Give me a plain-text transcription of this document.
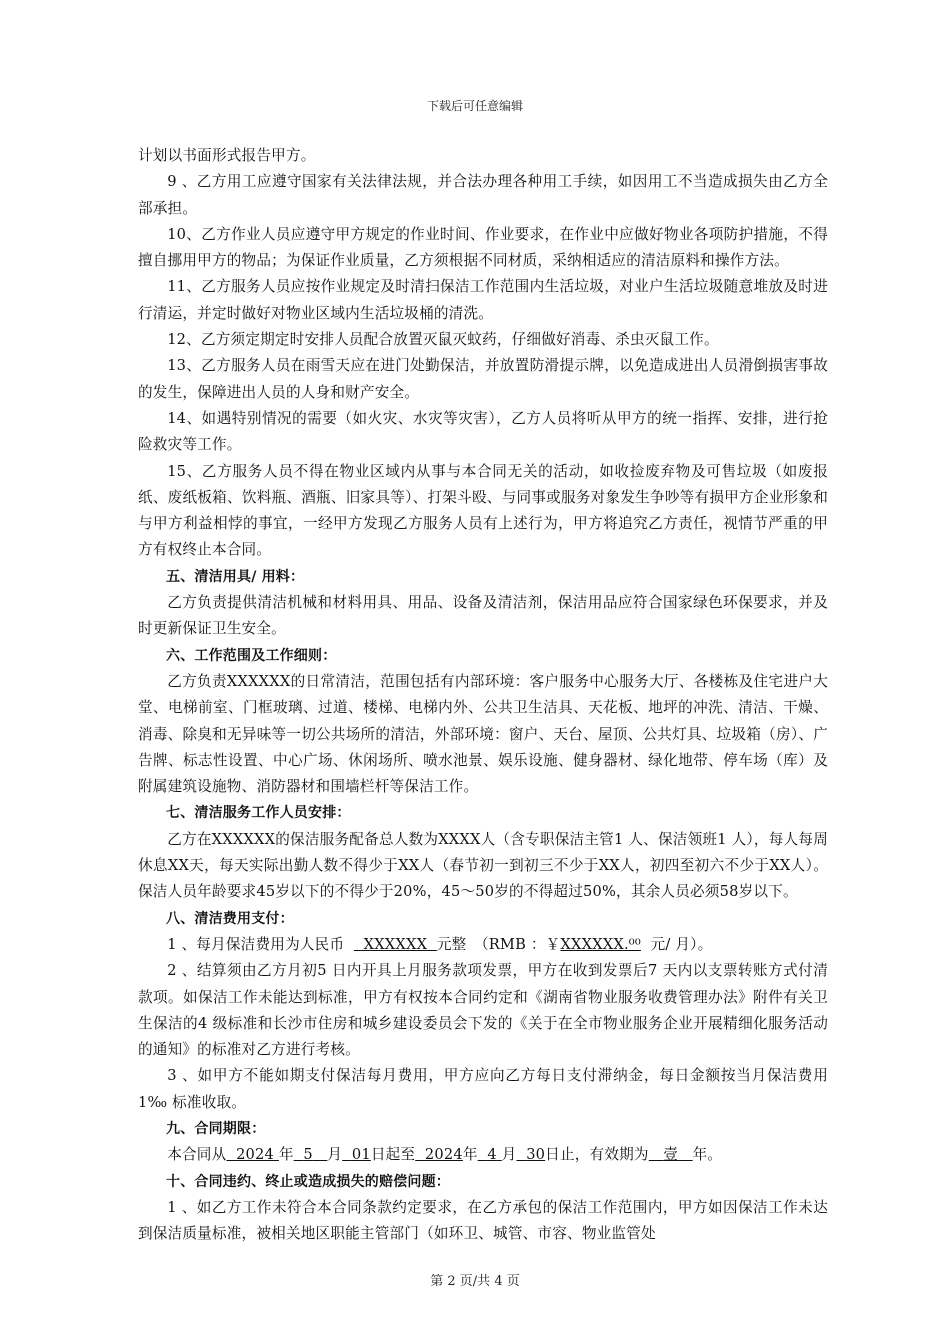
下载后可任意编辑

计划以书面形式报告甲方。

9 、乙方用工应遵守国家有关法律法规，并合法办理各种用工手续，如因用工不当造成损失由乙方全部承担。

10、乙方作业人员应遵守甲方规定的作业时间、作业要求，在作业中应做好物业各项防护措施，不得擅自挪用甲方的物品；为保证作业质量，乙方须根据不同材质，采纳相适应的清洁原料和操作方法。

11、乙方服务人员应按作业规定及时清扫保洁工作范围内生活垃圾，对业户生活垃圾随意堆放及时进行清运，并定时做好对物业区域内生活垃圾桶的清洗。

12、乙方须定期定时安排人员配合放置灭鼠灭蚊药，仔细做好消毒、杀虫灭鼠工作。

13、乙方服务人员在雨雪天应在进门处勤保洁，并放置防滑提示牌，以免造成进出人员滑倒损害事故的发生，保障进出人员的人身和财产安全。

14、如遇特别情况的需要（如火灾、水灾等灾害），乙方人员将听从甲方的统一指挥、安排，进行抢险救灾等工作。

15、乙方服务人员不得在物业区域内从事与本合同无关的活动，如收捡废弃物及可售垃圾（如废报纸、废纸板箱、饮料瓶、酒瓶、旧家具等）、打架斗殴、与同事或服务对象发生争吵等有损甲方企业形象和与甲方利益相悖的事宜，一经甲方发现乙方服务人员有上述行为，甲方将追究乙方责任，视情节严重的甲方有权终止本合同。

五、清洁用具/ 用料：

乙方负责提供清洁机械和材料用具、用品、设备及清洁剂，保洁用品应符合国家绿色环保要求，并及时更新保证卫生安全。

六、工作范围及工作细则：

乙方负责XXXXXX的日常清洁，范围包括有内部环境：客户服务中心服务大厅、各楼栋及住宅进户大堂、电梯前室、门框玻璃、过道、楼梯、电梯内外、公共卫生洁具、天花板、地坪的冲洗、清洁、干燥、消毒、除臭和无异味等一切公共场所的清洁，外部环境：窗户、天台、屋顶、公共灯具、垃圾箱（房）、广告牌、标志性设置、中心广场、休闲场所、喷水池景、娱乐设施、健身器材、绿化地带、停车场（库）及附属建筑设施物、消防器材和围墙栏杆等保洁工作。

七、清洁服务工作人员安排：

乙方在XXXXXX的保洁服务配备总人数为XXXX人（含专职保洁主管1 人、保洁领班1 人），每人每周休息XX天，每天实际出勤人数不得少于XX人（春节初一到初三不少于XX人，初四至初六不少于XX人）。保洁人员年龄要求45岁以下的不得少于20%，45～50岁的不得超过50%，其余人员必须58岁以下。

八、清洁费用支付：

1 、每月保洁费用为人民币 XXXXXX 元整　（RMB ：￥XXXXXX.⁰⁰ 元/ 月）。

2 、结算须由乙方月初5 日内开具上月服务款项发票，甲方在收到发票后7 天内以支票转账方式付清款项。如保洁工作未能达到标准，甲方有权按本合同约定和《湖南省物业服务收费管理办法》附件有关卫生保洁的4 级标准和长沙市住房和城乡建设委员会下发的《关于在全市物业服务企业开展精细化服务活动的通知》的标准对乙方进行考核。

3 、如甲方不能如期支付保洁每月费用，甲方应向乙方每日支付滞纳金，每日金额按当月保洁费用1‰ 标准收取。

九、合同期限：

本合同从 2024 年 5 月 01日起至 2024年 4 月 30日止，有效期为 壹 年。

十、合同违约、终止或造成损失的赔偿问题：

1 、如乙方工作未符合本合同条款约定要求，在乙方承包的保洁工作范围内，甲方如因保洁工作未达到保洁质量标准，被相关地区职能主管部门（如环卫、城管、市容、物业监管处

第 2 页/共 4 页
